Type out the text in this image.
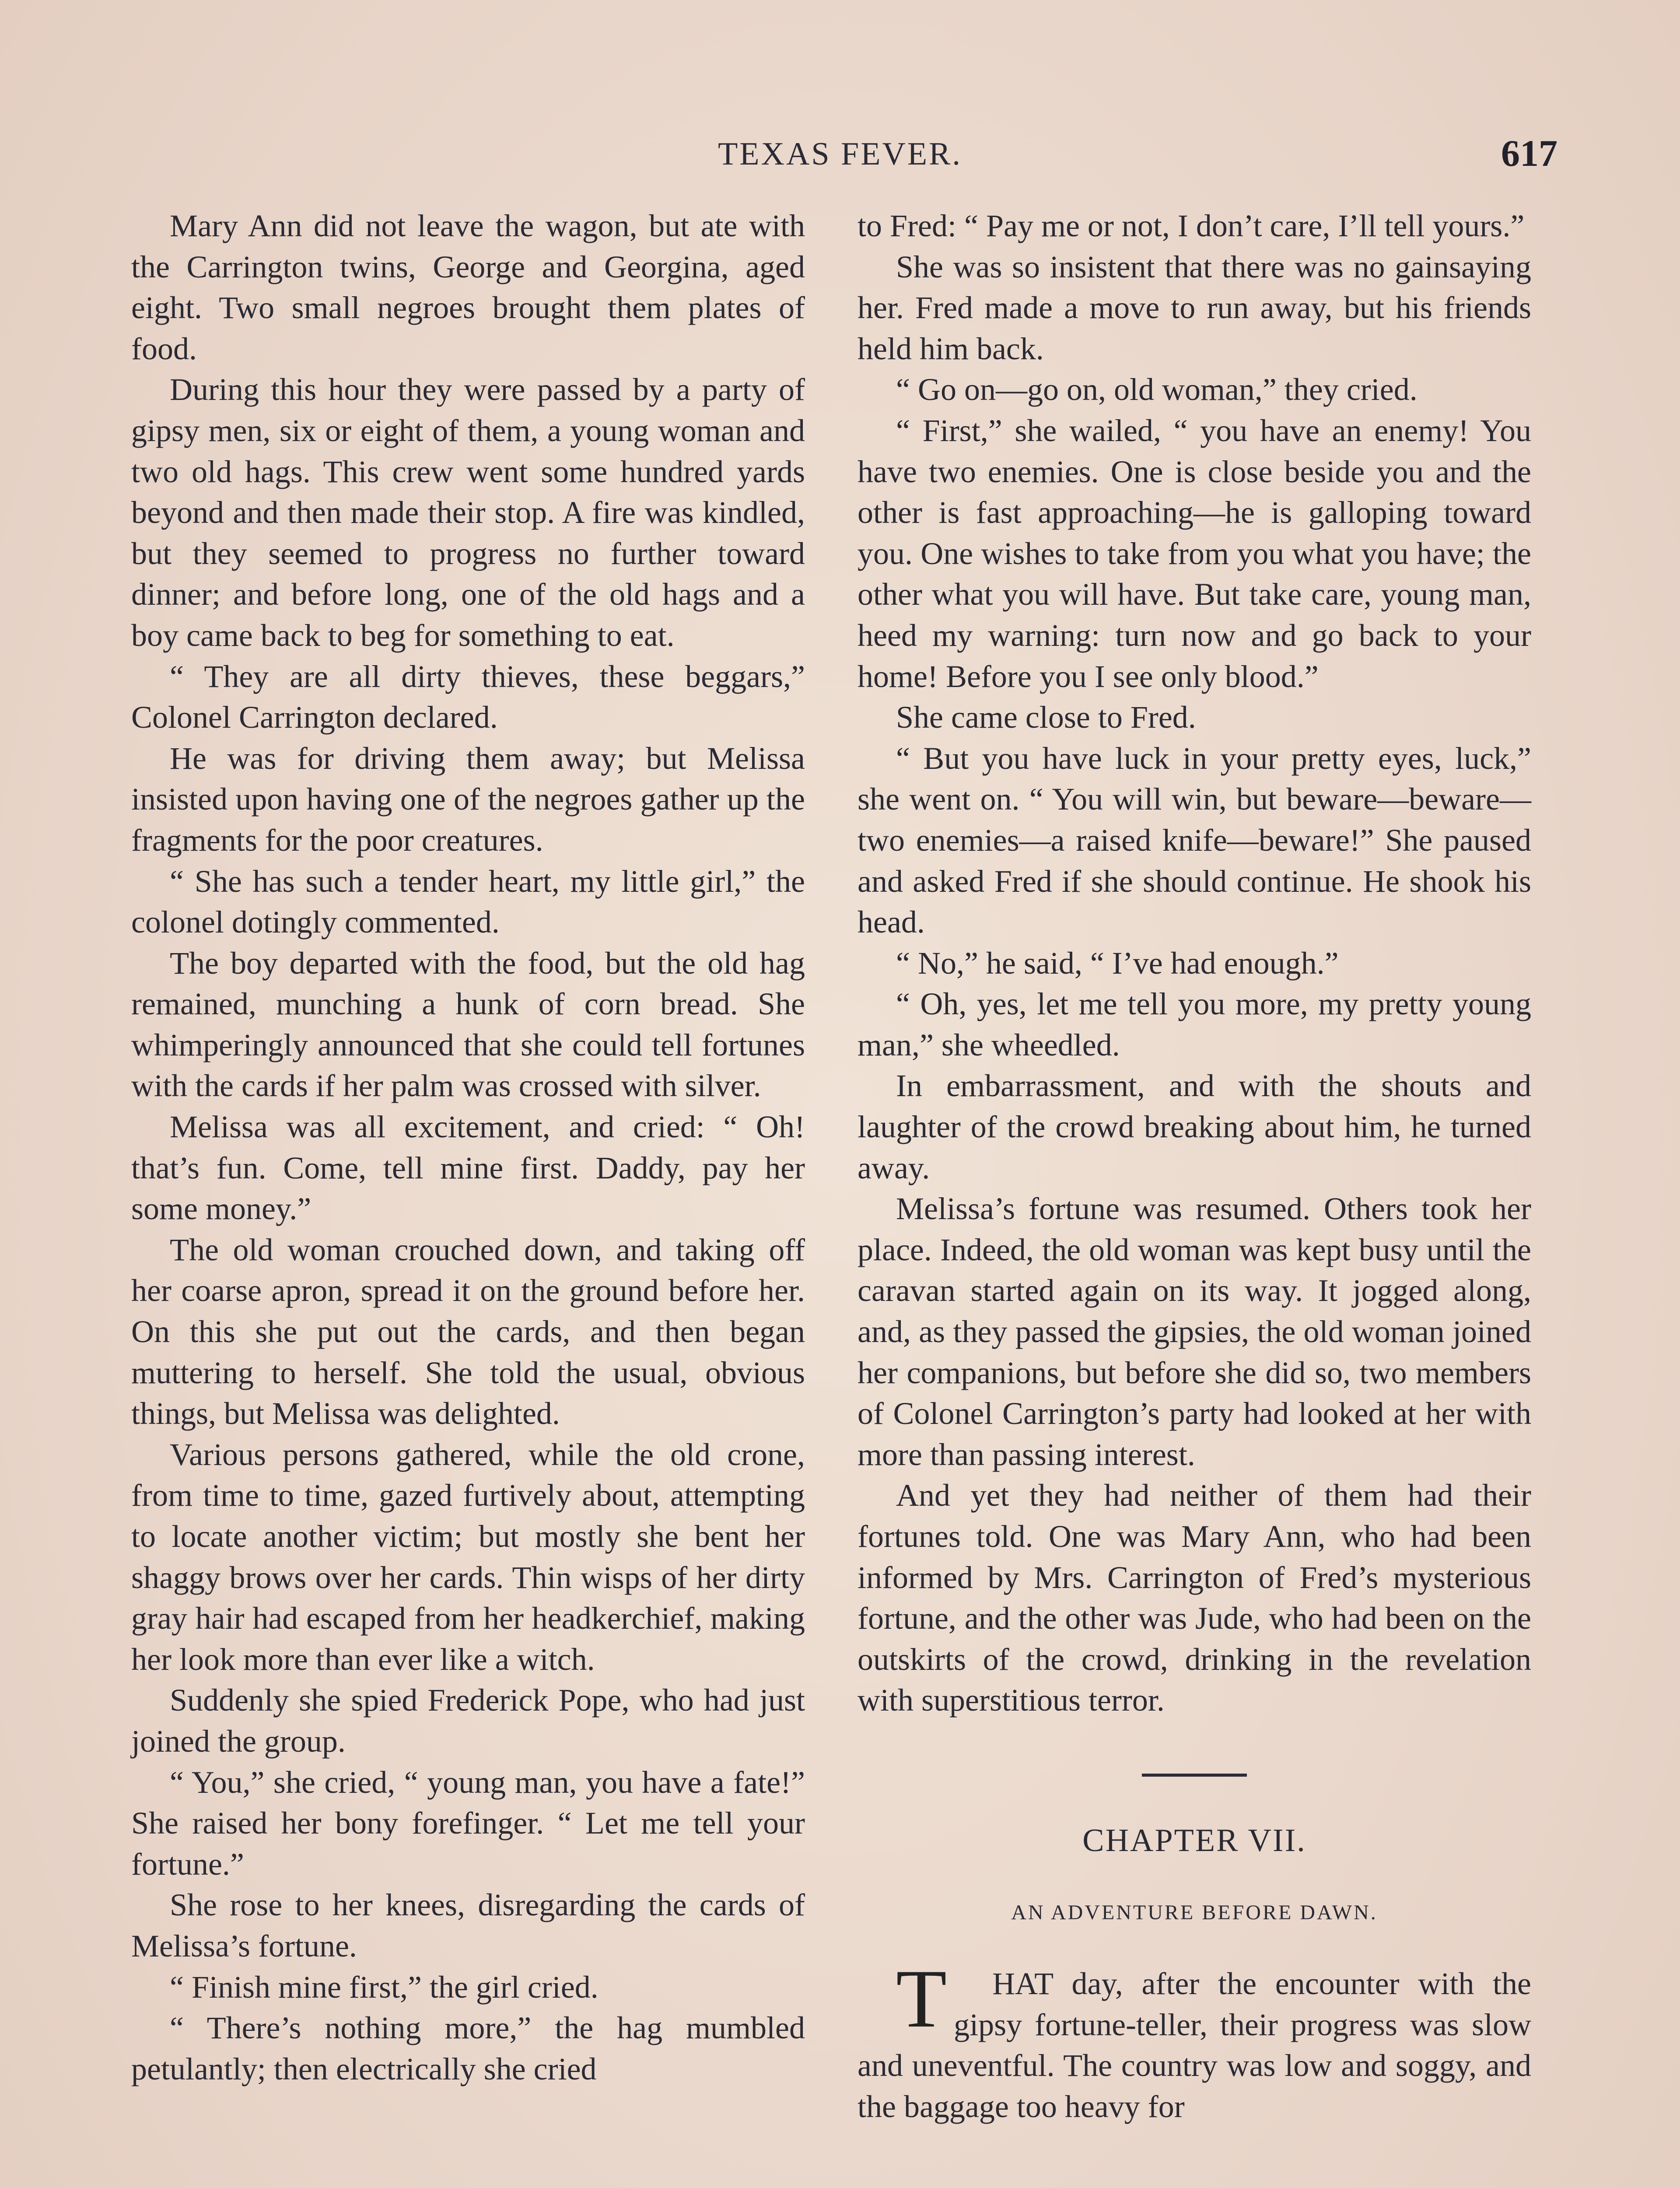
TEXAS FEVER.	617

Mary Ann did not leave the wagon, but ate with the Carrington twins, George and Georgina, aged eight. Two small negroes brought them plates of food.

During this hour they were passed by a party of gipsy men, six or eight of them, a young woman and two old hags. This crew went some hundred yards beyond and then made their stop. A fire was kindled, but they seemed to progress no further toward dinner; and before long, one of the old hags and a boy came back to beg for something to eat.

“ They are all dirty thieves, these beggars,” Colonel Carrington declared.

He was for driving them away; but Melissa insisted upon having one of the negroes gather up the fragments for the poor creatures.

“ She has such a tender heart, my little girl,” the colonel dotingly commented.

The boy departed with the food, but the old hag remained, munching a hunk of corn bread. She whimperingly announced that she could tell fortunes with the cards if her palm was crossed with silver.

Melissa was all excitement, and cried: “ Oh! that’s fun. Come, tell mine first. Daddy, pay her some money.”

The old woman crouched down, and taking off her coarse apron, spread it on the ground before her. On this she put out the cards, and then began muttering to herself. She told the usual, obvious things, but Melissa was delighted.

Various persons gathered, while the old crone, from time to time, gazed furtively about, attempting to locate another victim; but mostly she bent her shaggy brows over her cards. Thin wisps of her dirty gray hair had escaped from her headkerchief, making her look more than ever like a witch.

Suddenly she spied Frederick Pope, who had just joined the group.

“ You,” she cried, “ young man, you have a fate!” She raised her bony forefinger. “ Let me tell your fortune.”

She rose to her knees, disregarding the cards of Melissa’s fortune.

“ Finish mine first,” the girl cried.

“ There’s nothing more,” the hag mumbled petulantly; then electrically she cried

to Fred: “ Pay me or not, I don’t care, I’ll tell yours.”

She was so insistent that there was no gainsaying her. Fred made a move to run away, but his friends held him back.

“ Go on—go on, old woman,” they cried.

“ First,” she wailed, “ you have an enemy! You have two enemies. One is close beside you and the other is fast approaching—he is galloping toward you. One wishes to take from you what you have; the other what you will have. But take care, young man, heed my warning: turn now and go back to your home! Before you I see only blood.”

She came close to Fred.

“ But you have luck in your pretty eyes, luck,” she went on. “ You will win, but beware—beware—two enemies—a raised knife—beware!” She paused and asked Fred if she should continue. He shook his head.

“ No,” he said, “ I’ve had enough.”

“ Oh, yes, let me tell you more, my pretty young man,” she wheedled.

In embarrassment, and with the shouts and laughter of the crowd breaking about him, he turned away.

Melissa’s fortune was resumed. Others took her place. Indeed, the old woman was kept busy until the caravan started again on its way. It jogged along, and, as they passed the gipsies, the old woman joined her companions, but before she did so, two members of Colonel Carrington’s party had looked at her with more than passing interest.

And yet they had neither of them had their fortunes told. One was Mary Ann, who had been informed by Mrs. Carrington of Fred’s mysterious fortune, and the other was Jude, who had been on the outskirts of the crowd, drinking in the revelation with superstitious terror.

CHAPTER VII.
AN ADVENTURE BEFORE DAWN.

T HAT day, after the encounter with the gipsy fortune-teller, their progress was slow and uneventful. The country was low and soggy, and the baggage too heavy for
